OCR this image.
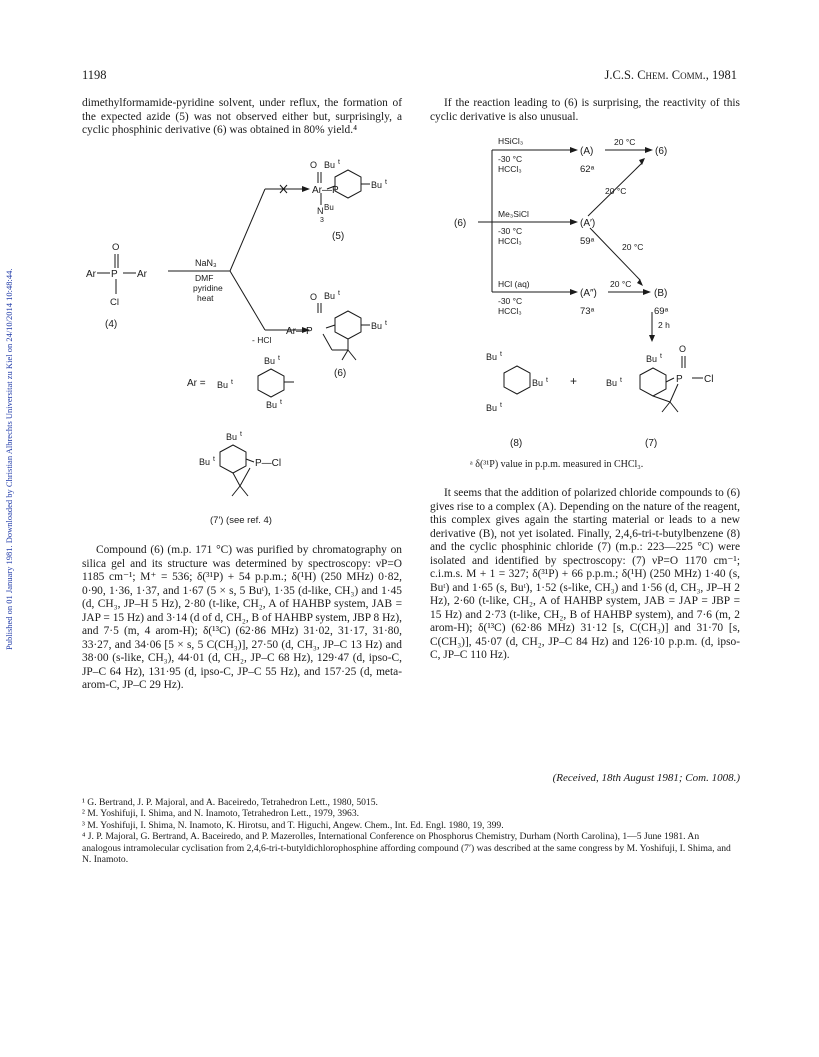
Published on 01 January 1981. Downloaded by Christian Albrechts Universitat zu Kiel on 24/10/2014 10:48:44.
1198	J.C.S. Chem. Comm., 1981

dimethylformamide-pyridine solvent, under reflux, the formation of the expected azide (5) was not observed either but, surprisingly, a cyclic phosphinic derivative (6) was obtained in 80% yield.⁴

O
Ar P Ar
Cl
(4)
NaN₃
DMF
pyridine
heat
O Bu t
Ar—P	Bu t
N Bu
3
(5)
O Bu t
Ar—P	Bu t
- HCl
(6)
Ar = Bu t
Bu t
Bu t
Bu t
Bu t	P—Cl
(7′) (see ref. 4)

Compound (6) (m.p. 171 °C) was purified by chromatography on silica gel and its structure was determined by spectroscopy: νP=O 1185 cm⁻¹; M⁺ = 536; δ(³¹P) + 54 p.p.m.; δ(¹H) (250 MHz) 0·82, 0·90, 1·36, 1·37, and 1·67 (5 × s, 5 Buᵗ), 1·35 (d-like, CH₃) and 1·45 (d, CH₃, JP–H 5 Hz), 2·80 (t-like, CH₂, A of HAHBP system, JAB = JAP = 15 Hz) and 3·14 (d of d, CH₂, B of HAHBP system, JBP 8 Hz), and 7·5 (m, 4 arom-H); δ(¹³C) (62·86 MHz) 31·02, 31·17, 31·80, 33·27, and 34·06 [5 × s, 5 C(CH₃)], 27·50 (d, CH₃, JP–C 13 Hz) and 38·00 (s-like, CH₃), 44·01 (d, CH₂, JP–C 68 Hz), 129·47 (d, ipso-C, JP–C 64 Hz), 131·95 (d, ipso-C, JP–C 55 Hz), and 157·25 (d, meta-arom-C, JP–C 29 Hz).

If the reaction leading to (6) is surprising, the reactivity of this cyclic derivative is also unusual.

(6)
HSiCl₃
-30 °C
HCCl₃
(A)
62ᵃ
20 °C
(6)
Me₃SiCl
-30 °C
HCCl₃
(A′)
59ᵃ
20 °C
20 °C
HCl (aq)
-30 °C
HCCl₃
(A″)
73ᵃ
20 °C
(B)
69ᵃ
2 h
Bu t
Bu t
Bu t
+	Bu t
Bu t
O
P Cl
(8)	(7)
ᵃ δ(³¹P) value in p.p.m. measured in CHCl₃.

It seems that the addition of polarized chloride compounds to (6) gives rise to a complex (A). Depending on the nature of the reagent, this complex gives again the starting material or leads to a new derivative (B), not yet isolated. Finally, 2,4,6-tri-t-butylbenzene (8) and the cyclic phosphinic chloride (7) (m.p.: 223—225 °C) were isolated and identified by spectroscopy: (7) νP=O 1170 cm⁻¹; c.i.m.s. M + 1 = 327; δ(³¹P) + 66 p.p.m.; δ(¹H) (250 MHz) 1·40 (s, Buᵗ) and 1·65 (s, Buᵗ), 1·52 (s-like, CH₃) and 1·56 (d, CH₃, JP–H 2 Hz), 2·60 (t-like, CH₂, A of HAHBP system, JAB = JAP = JBP = 15 Hz) and 2·73 (t-like, CH₂, B of HAHBP system), and 7·6 (m, 2 arom-H); δ(¹³C) (62·86 MHz) 31·12 [s, C(CH₃)] and 31·70 [s, C(CH₃)], 45·07 (d, CH₂, JP–C 84 Hz) and 126·10 p.p.m. (d, ipso-C, JP–C 110 Hz).

(Received, 18th August 1981; Com. 1008.)

¹ G. Bertrand, J. P. Majoral, and A. Baceiredo, Tetrahedron Lett., 1980, 5015.

² M. Yoshifuji, I. Shima, and N. Inamoto, Tetrahedron Lett., 1979, 3963.

³ M. Yoshifuji, I. Shima, N. Inamoto, K. Hirotsu, and T. Higuchi, Angew. Chem., Int. Ed. Engl. 1980, 19, 399.

⁴ J. P. Majoral, G. Bertrand, A. Baceiredo, and P. Mazerolles, International Conference on Phosphorus Chemistry, Durham (North Carolina), 1—5 June 1981. An analogous intramolecular cyclisation from 2,4,6-tri-t-butyldichlorophosphine affording compound (7′) was described at the same congress by M. Yoshifuji, I. Shima, and N. Inamoto.
